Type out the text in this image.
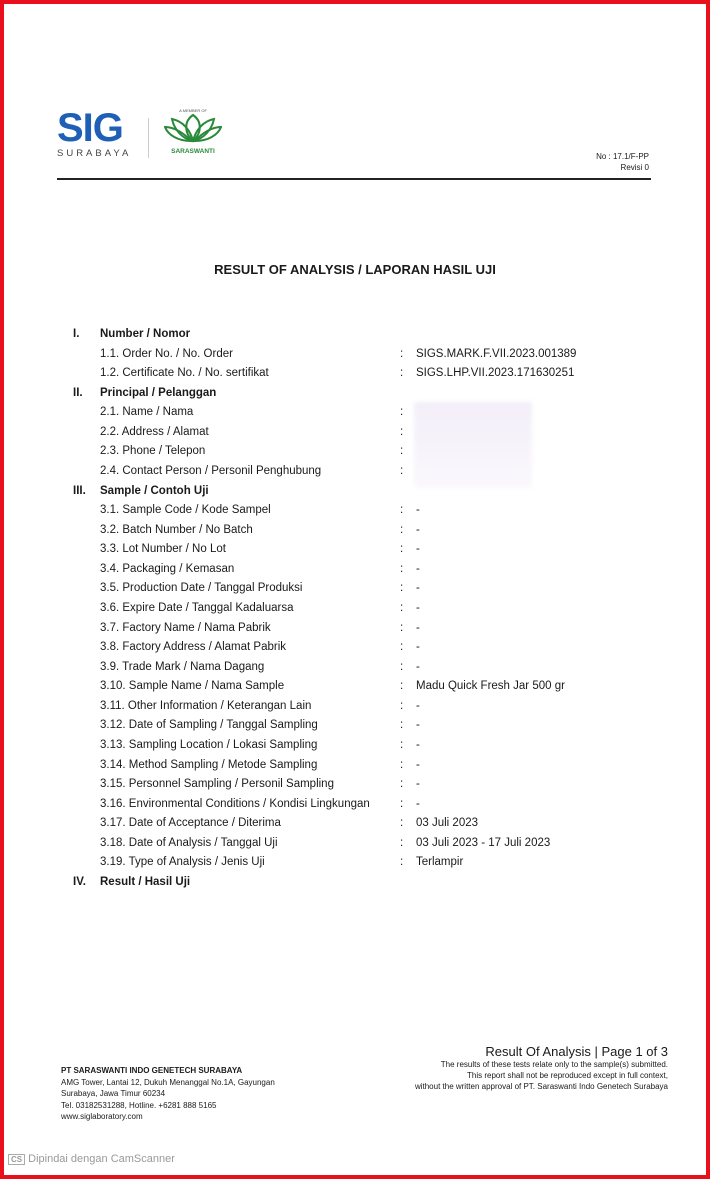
SIG
SURABAYA
A MEMBER OF
SARASWANTI
No : 17.1/F-PP
Revisi 0
RESULT OF ANALYSIS / LAPORAN HASIL UJI
I. Number / Nomor
1.1. Order No. / No. Order	: SIGS.MARK.F.VII.2023.001389
1.2. Certificate No. / No. sertifikat	: SIGS.LHP.VII.2023.171630251
II. Principal / Pelanggan
2.1. Name / Nama	:
2.2. Address / Alamat	:
2.3. Phone / Telepon	:
2.4. Contact Person / Personil Penghubung	:
III. Sample / Contoh Uji
3.1. Sample Code / Kode Sampel	: -
3.2. Batch Number / No Batch	: -
3.3. Lot Number / No Lot	: -
3.4. Packaging / Kemasan	: -
3.5. Production Date / Tanggal Produksi	: -
3.6. Expire Date / Tanggal Kadaluarsa	: -
3.7. Factory Name / Nama Pabrik	: -
3.8. Factory Address / Alamat Pabrik	: -
3.9. Trade Mark / Nama Dagang	: -
3.10. Sample Name / Nama Sample	: Madu Quick Fresh Jar 500 gr
3.11. Other Information / Keterangan Lain	: -
3.12. Date of Sampling / Tanggal Sampling	: -
3.13. Sampling Location / Lokasi Sampling	: -
3.14. Method Sampling / Metode Sampling	: -
3.15. Personnel Sampling / Personil Sampling	: -
3.16. Environmental Conditions / Kondisi Lingkungan	: -
3.17. Date of Acceptance / Diterima	: 03 Juli 2023
3.18. Date of Analysis / Tanggal Uji	: 03 Juli 2023 - 17 Juli 2023
3.19. Type of Analysis / Jenis Uji	: Terlampir
IV. Result / Hasil Uji
Result Of Analysis | Page 1 of 3
The results of these tests relate only to the sample(s) submitted.
This report shall not be reproduced except in full context,
without the written approval of PT. Saraswanti Indo Genetech Surabaya
PT SARASWANTI INDO GENETECH SURABAYA
AMG Tower, Lantai 12, Dukuh Menanggal No.1A, Gayungan
Surabaya, Jawa Timur 60234
Tel. 03182531288, Hotline. +6281 888 5165
www.siglaboratory.com
CS Dipindai dengan CamScanner
